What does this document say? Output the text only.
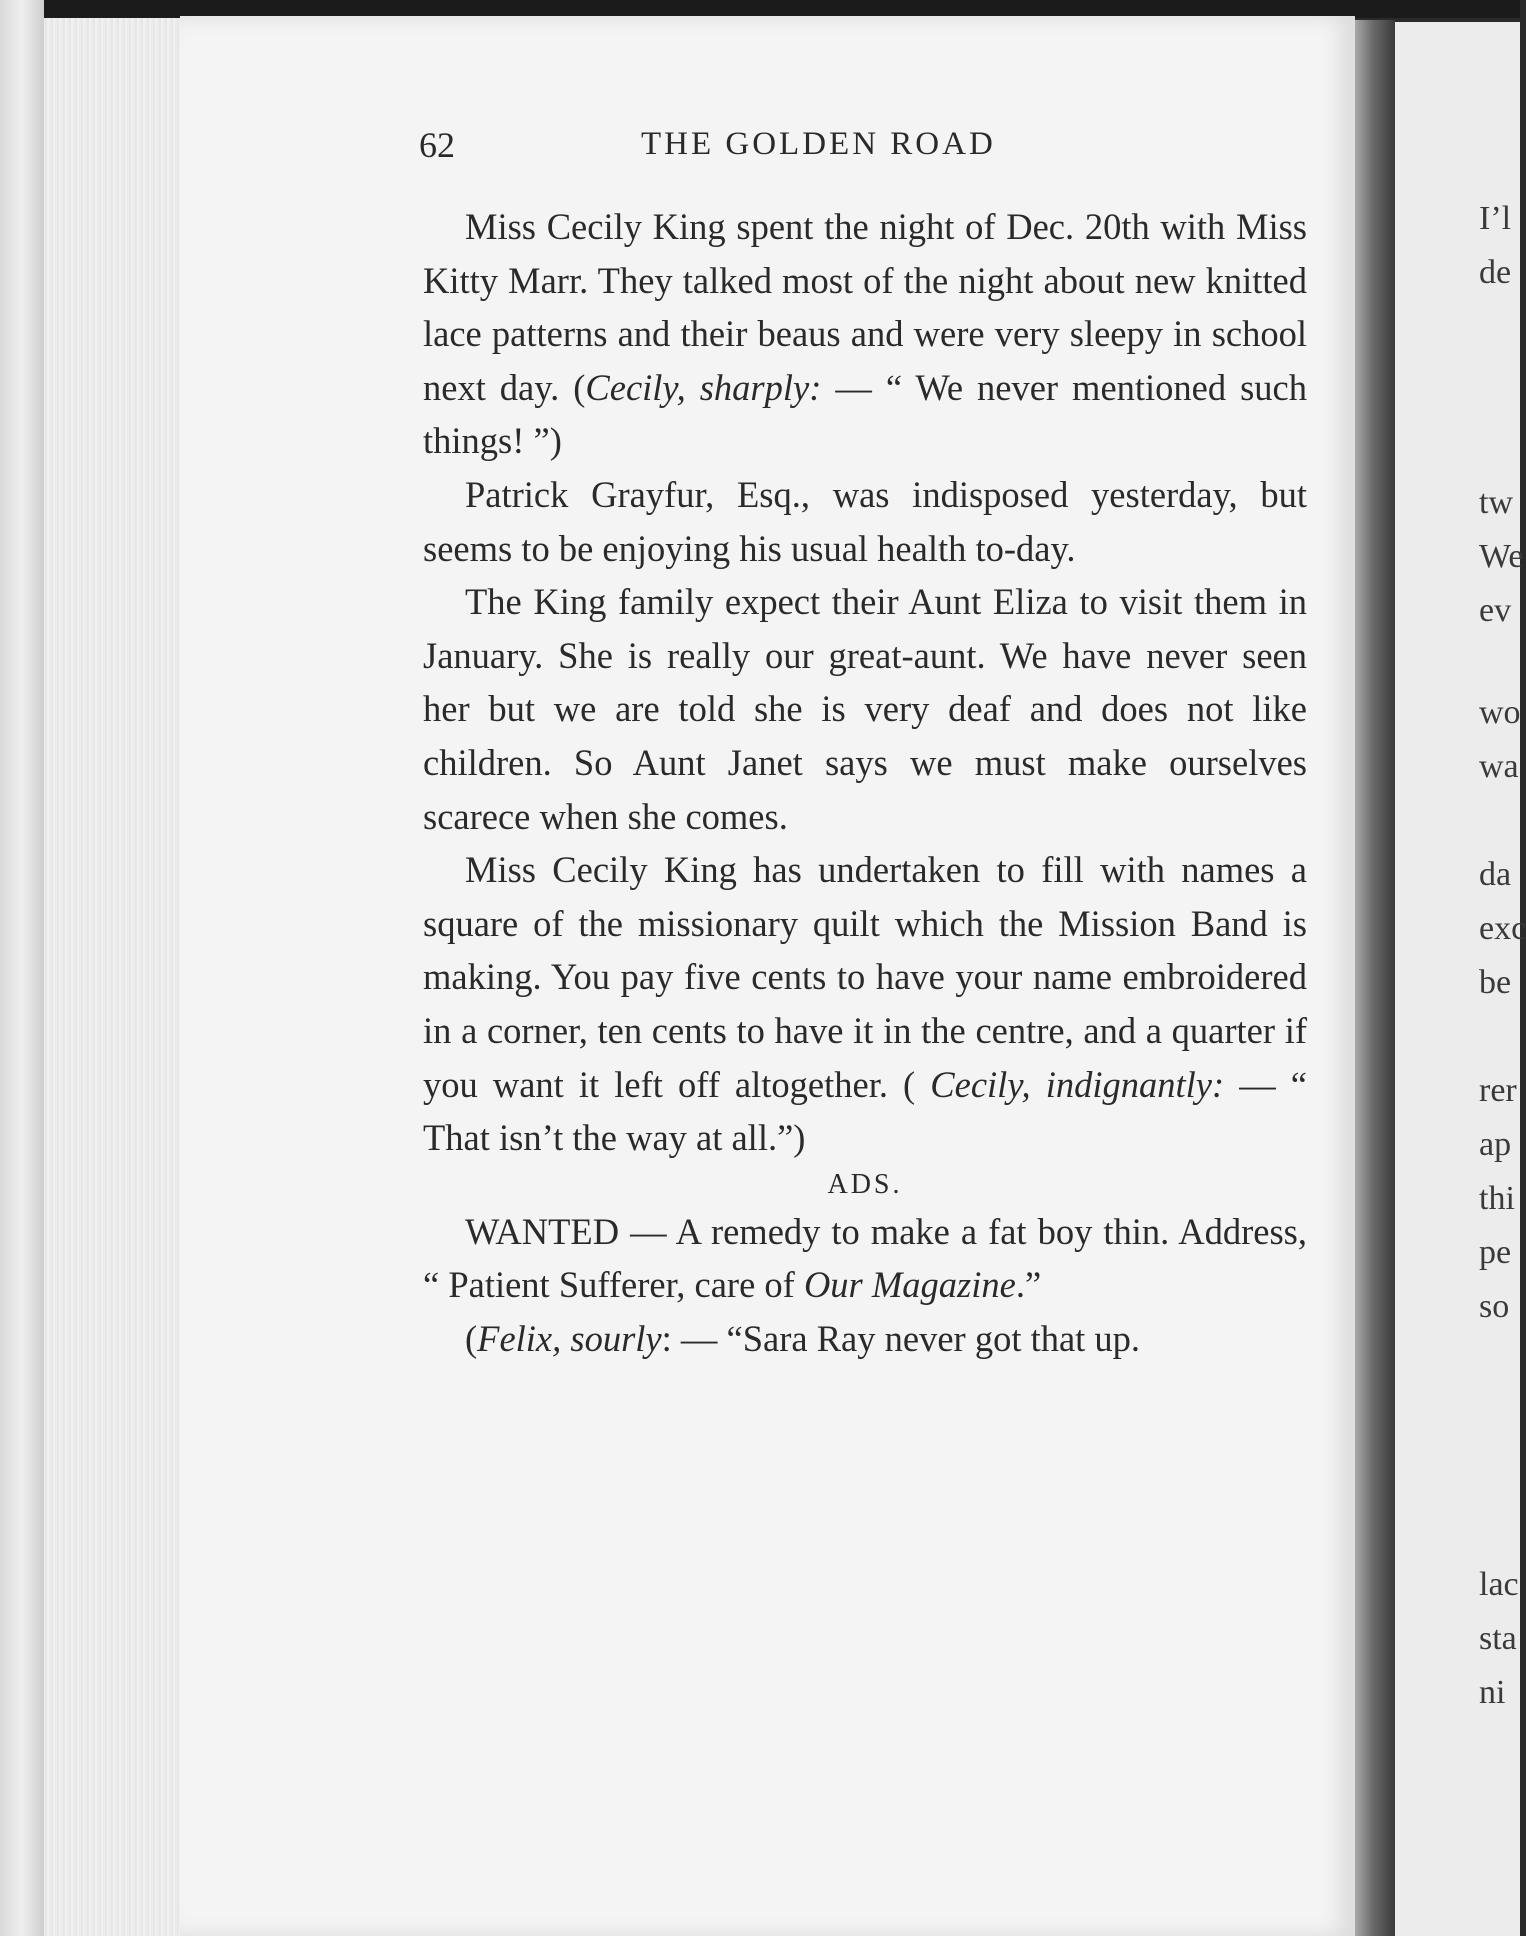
62	THE GOLDEN ROAD

Miss Cecily King spent the night of Dec. 20th with Miss Kitty Marr. They talked most of the night about new knitted lace patterns and their beaus and were very sleepy in school next day. (Cecily, sharply: — “ We never mentioned such things! ”)

Patrick Grayfur, Esq., was indisposed yesterday, but seems to be enjoying his usual health to-day.

The King family expect their Aunt Eliza to visit them in January. She is really our great-aunt. We have never seen her but we are told she is very deaf and does not like children. So Aunt Janet says we must make ourselves scarece when she comes.

Miss Cecily King has undertaken to fill with names a square of the missionary quilt which the Mission Band is making. You pay five cents to have your name embroidered in a corner, ten cents to have it in the centre, and a quarter if you want it left off altogether. ( Cecily, indignantly: — “ That isn’t the way at all.”)

ADS.

WANTED — A remedy to make a fat boy thin. Address, “ Patient Sufferer, care of Our Magazine.”

(Felix, sourly: — “Sara Ray never got that up.

I’l

de

tw

We

ev

wo

wa

da

exc

be

rer

ap

thi

pe

so

lac

sta

ni
